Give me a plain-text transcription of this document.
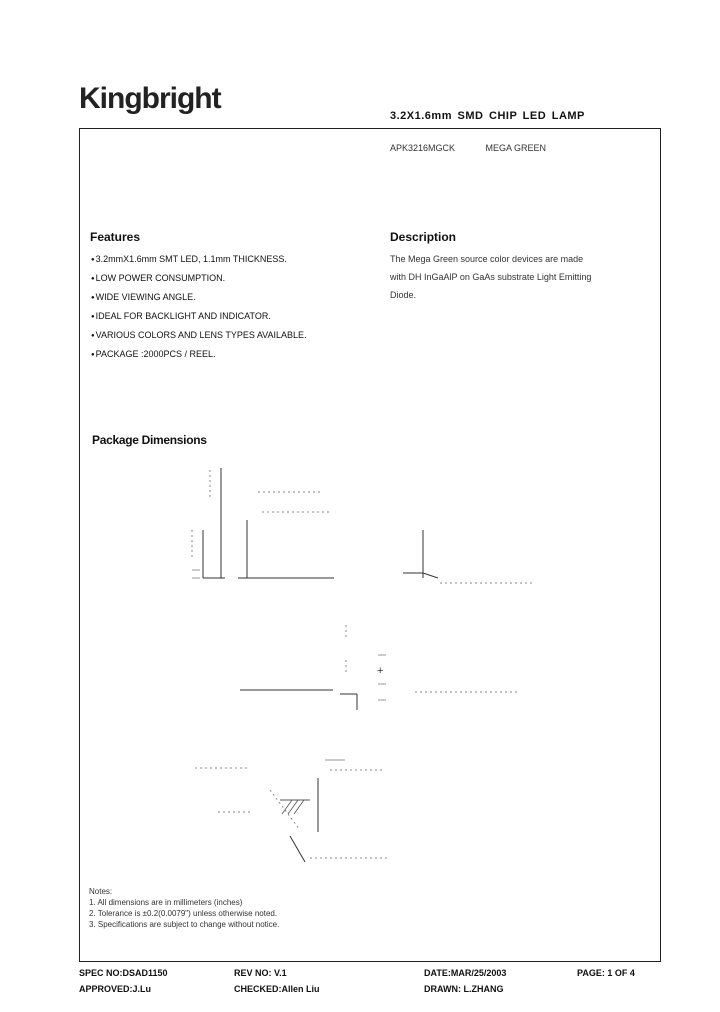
Kingbright
3.2X1.6mm SMD CHIP LED LAMP
APK3216MGCK	MEGA GREEN
Features
● 3.2mmX1.6mm SMT LED, 1.1mm THICKNESS.
● LOW POWER CONSUMPTION.
● WIDE VIEWING ANGLE.
● IDEAL FOR BACKLIGHT AND INDICATOR.
● VARIOUS COLORS AND LENS TYPES AVAILABLE.
● PACKAGE :2000PCS / REEL.
Description
The Mega Green source color devices are made
with DH InGaAlP on GaAs substrate Light Emitting
Diode.
Package Dimensions
+
Notes:
1. All dimensions are in millimeters (inches)
2. Tolerance is ±0.2(0.0079") unless otherwise noted.
3. Specifications are subject to change without notice.
SPEC NO:DSAD1150	REV NO: V.1	DATE:MAR/25/2003	PAGE: 1 OF 4
APPROVED:J.Lu	CHECKED:Allen Liu	DRAWN: L.ZHANG
